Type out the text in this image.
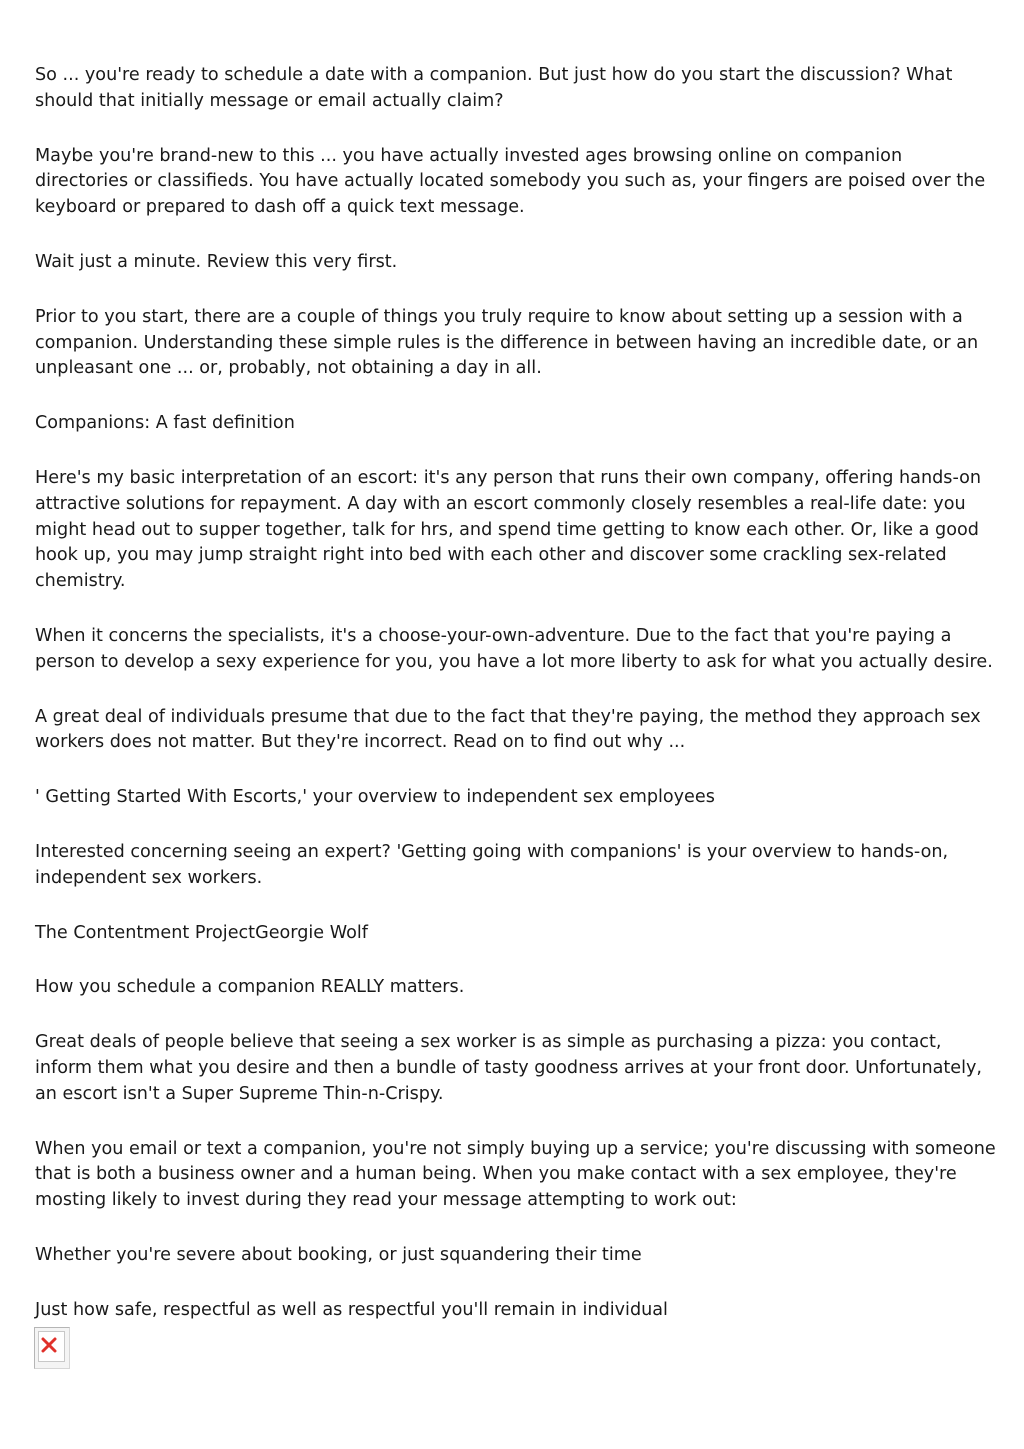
So ... you're ready to schedule a date with a companion. But just how do you start the discussion? What should that initially message or email actually claim?

Maybe you're brand-new to this ... you have actually invested ages browsing online on companion directories or classifieds. You have actually located somebody you such as, your fingers are poised over the keyboard or prepared to dash off a quick text message.

Wait just a minute. Review this very first.

Prior to you start, there are a couple of things you truly require to know about setting up a session with a companion. Understanding these simple rules is the difference in between having an incredible date, or an unpleasant one ... or, probably, not obtaining a day in all.

Companions: A fast definition

Here's my basic interpretation of an escort: it's any person that runs their own company, offering hands-on attractive solutions for repayment. A day with an escort commonly closely resembles a real-life date: you might head out to supper together, talk for hrs, and spend time getting to know each other. Or, like a good hook up, you may jump straight right into bed with each other and discover some crackling sex-related chemistry.

When it concerns the specialists, it's a choose-your-own-adventure. Due to the fact that you're paying a person to develop a sexy experience for you, you have a lot more liberty to ask for what you actually desire.

A great deal of individuals presume that due to the fact that they're paying, the method they approach sex workers does not matter. But they're incorrect. Read on to find out why ...

' Getting Started With Escorts,' your overview to independent sex employees

Interested concerning seeing an expert? 'Getting going with companions' is your overview to hands-on, independent sex workers.

The Contentment ProjectGeorgie Wolf

How you schedule a companion REALLY matters.

Great deals of people believe that seeing a sex worker is as simple as purchasing a pizza: you contact, inform them what you desire and then a bundle of tasty goodness arrives at your front door. Unfortunately, an escort isn't a Super Supreme Thin-n-Crispy.

When you email or text a companion, you're not simply buying up a service; you're discussing with someone that is both a business owner and a human being. When you make contact with a sex employee, they're mosting likely to invest during they read your message attempting to work out:

Whether you're severe about booking, or just squandering their time

Just how safe, respectful as well as respectful you'll remain in individual
